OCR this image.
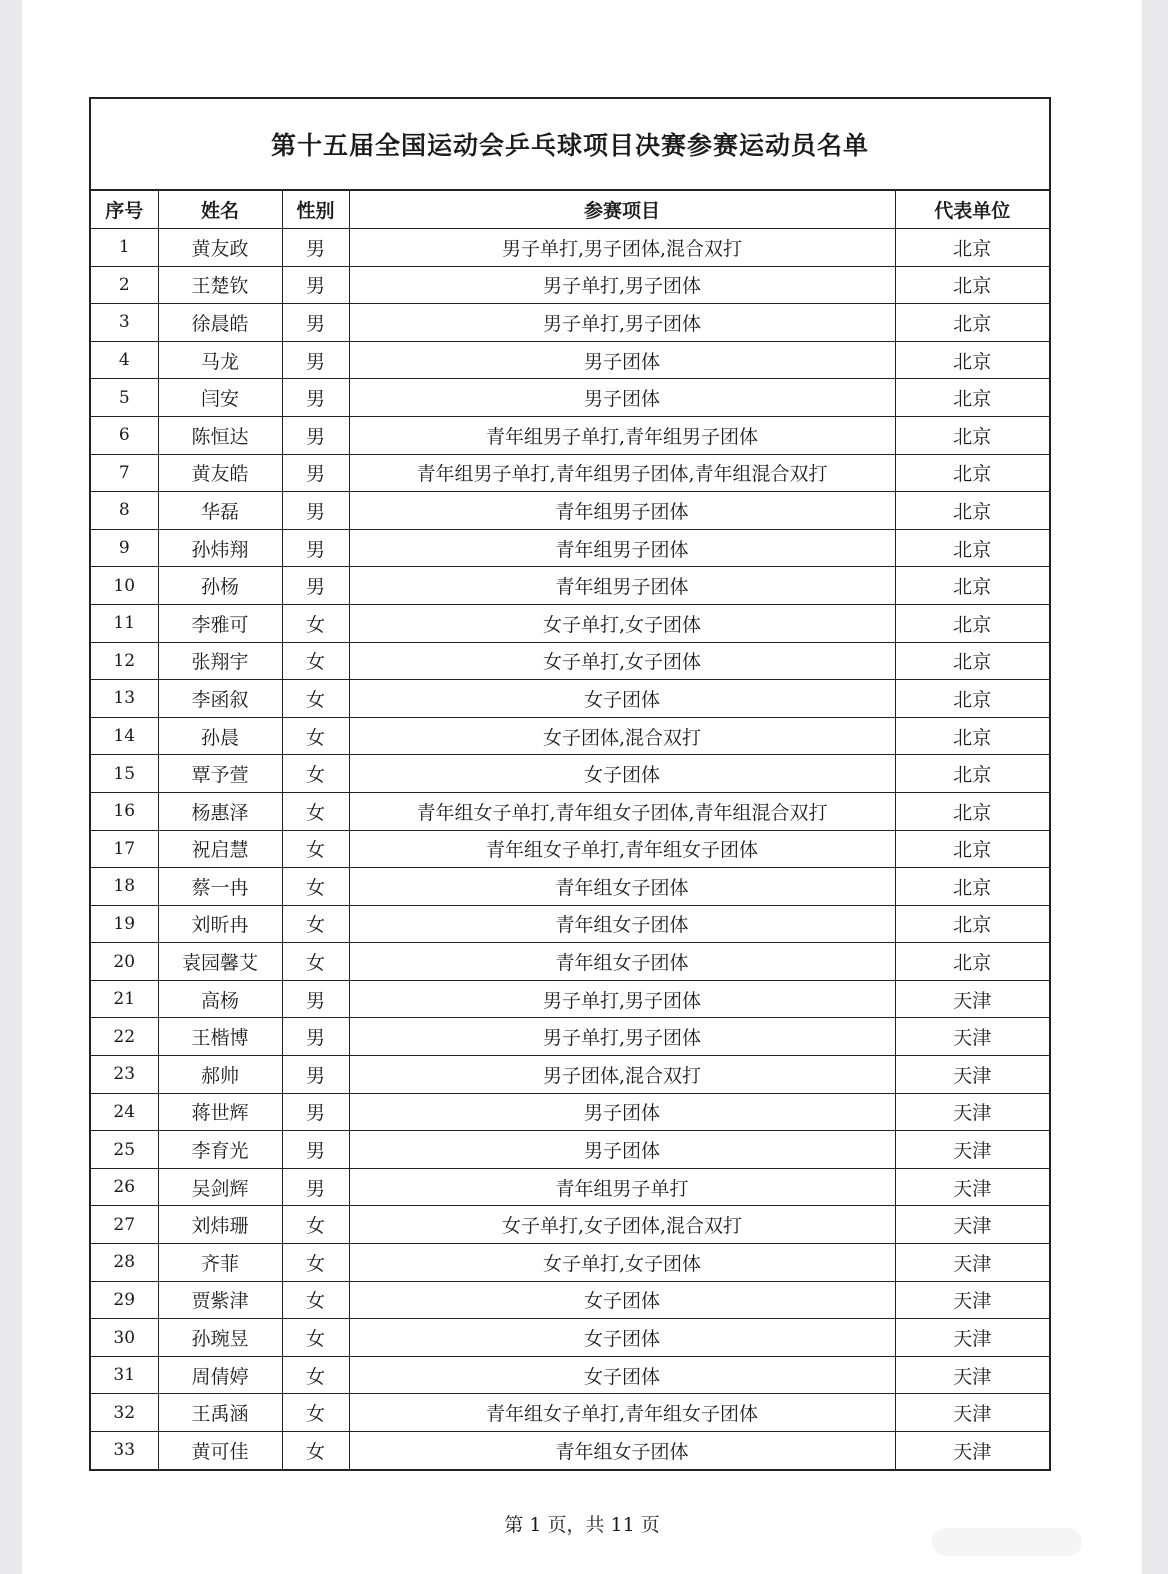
第十五届全国运动会乒乓球项目决赛参赛运动员名单
序号	姓名	性别	参赛项目	代表单位
1	黄友政	男	男子单打,男子团体,混合双打	北京
2	王楚钦	男	男子单打,男子团体	北京
3	徐晨皓	男	男子单打,男子团体	北京
4	马龙	男	男子团体	北京
5	闫安	男	男子团体	北京
6	陈恒达	男	青年组男子单打,青年组男子团体	北京
7	黄友皓	男	青年组男子单打,青年组男子团体,青年组混合双打	北京
8	华磊	男	青年组男子团体	北京
9	孙炜翔	男	青年组男子团体	北京
10	孙杨	男	青年组男子团体	北京
11	李雅可	女	女子单打,女子团体	北京
12	张翔宇	女	女子单打,女子团体	北京
13	李函叙	女	女子团体	北京
14	孙晨	女	女子团体,混合双打	北京
15	覃予萱	女	女子团体	北京
16	杨惠泽	女	青年组女子单打,青年组女子团体,青年组混合双打	北京
17	祝启慧	女	青年组女子单打,青年组女子团体	北京
18	蔡一冉	女	青年组女子团体	北京
19	刘昕冉	女	青年组女子团体	北京
20	袁园馨艾	女	青年组女子团体	北京
21	高杨	男	男子单打,男子团体	天津
22	王楷博	男	男子单打,男子团体	天津
23	郝帅	男	男子团体,混合双打	天津
24	蒋世辉	男	男子团体	天津
25	李育光	男	男子团体	天津
26	吴剑辉	男	青年组男子单打	天津
27	刘炜珊	女	女子单打,女子团体,混合双打	天津
28	齐菲	女	女子单打,女子团体	天津
29	贾紫津	女	女子团体	天津
30	孙琬昱	女	女子团体	天津
31	周倩婷	女	女子团体	天津
32	王禹涵	女	青年组女子单打,青年组女子团体	天津
33	黄可佳	女	青年组女子团体	天津
第 1 页，共 11 页
